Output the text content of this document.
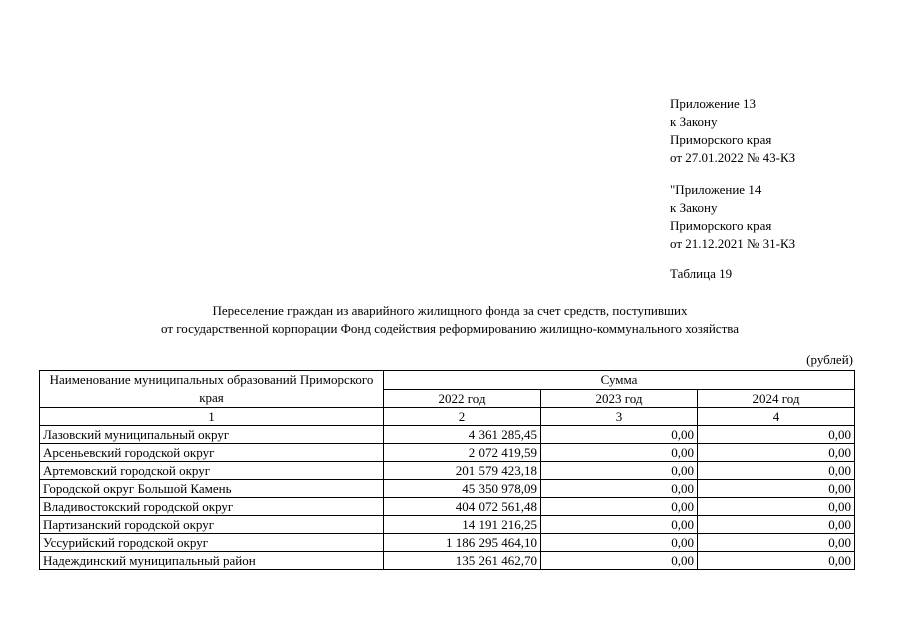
Приложение 13
к Закону
Приморского края
от 27.01.2022 № 43-КЗ
"Приложение 14
к Закону
Приморского края
от 21.12.2021 № 31-КЗ
Таблица 19
Переселение граждан из аварийного жилищного фонда за счет средств, поступивших
от государственной корпорации Фонд содействия реформированию жилищно-коммунального хозяйства
(рублей)
Наименование муниципальных образований Приморского края	Сумма		
	2022 год	2023 год	2024 год
1	2	3	4
Лазовский муниципальный округ	4 361 285,45	0,00	0,00
Арсеньевский городской округ	2 072 419,59	0,00	0,00
Артемовский городской округ	201 579 423,18	0,00	0,00
Городской округ Большой Камень	45 350 978,09	0,00	0,00
Владивостокский городской округ	404 072 561,48	0,00	0,00
Партизанский городской округ	14 191 216,25	0,00	0,00
Уссурийский городской округ	1 186 295 464,10	0,00	0,00
Надеждинский муниципальный район	135 261 462,70	0,00	0,00
